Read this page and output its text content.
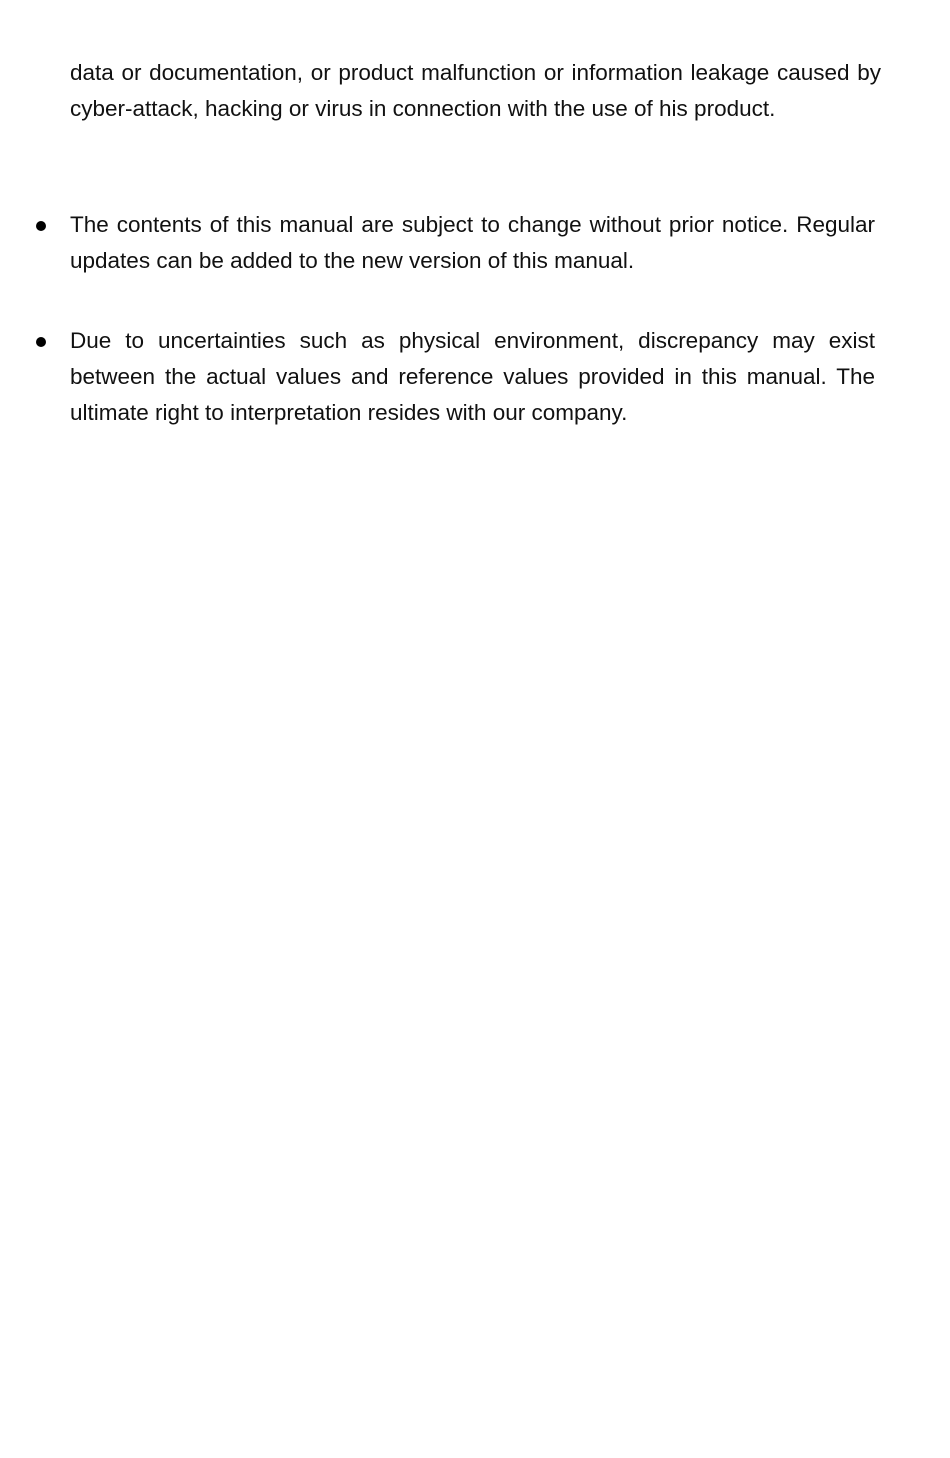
data or documentation, or product malfunction or information leakage caused by cyber-attack, hacking or virus in connection with the use of his product.

The contents of this manual are subject to change without prior notice. Regular updates can be added to the new version of this manual.

Due to uncertainties such as physical environment, discrepancy may exist between the actual values and reference values provided in this manual. The ultimate right to interpretation resides with our company.
